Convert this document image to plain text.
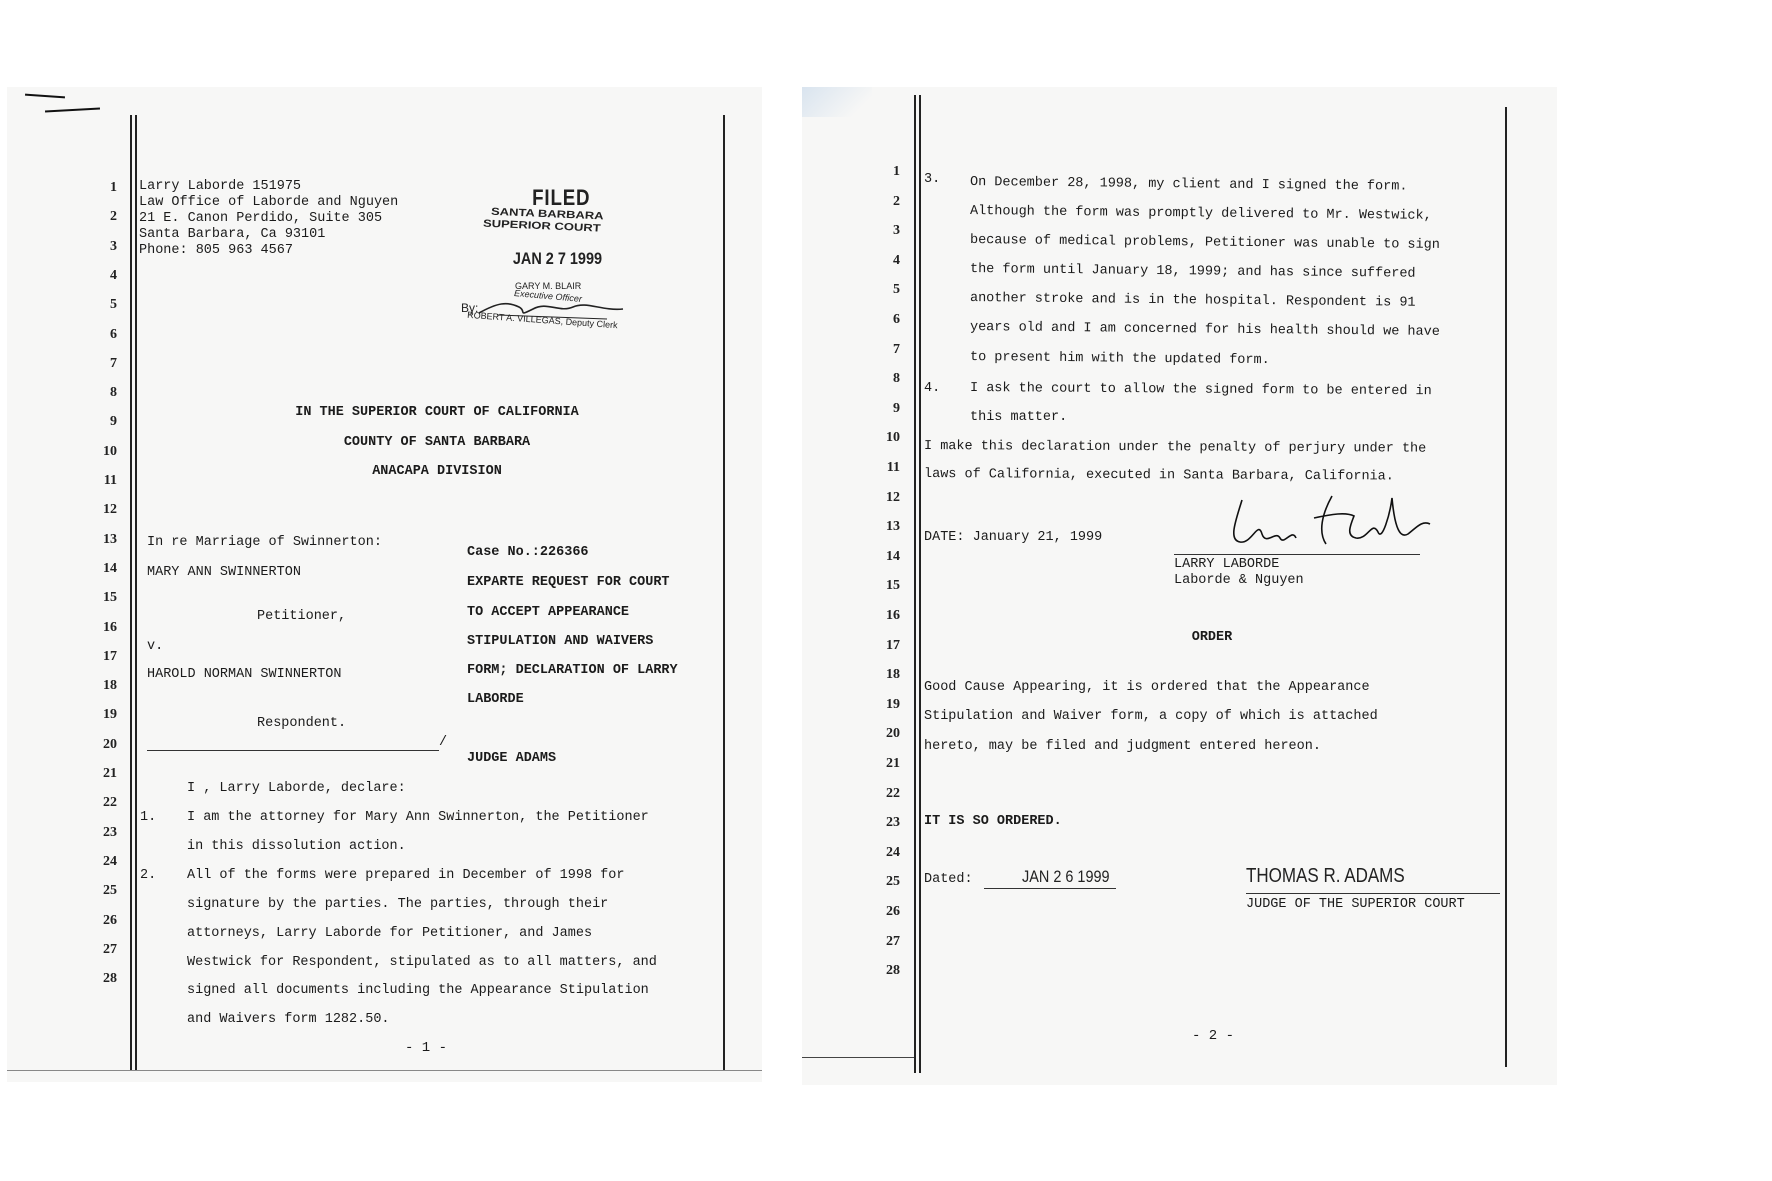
1
2
3
4
5
6
7
8
9
10
11
12
13
14
15
16
17
18
19
20
21
22
23
24
25
26
27
28
Larry Laborde 151975
Law Office of Laborde and Nguyen
21 E. Canon Perdido, Suite 305
Santa Barbara, Ca 93101
Phone: 805 963 4567
FILED
SANTA BARBARA
SUPERIOR COURT
JAN 2 7 1999
GARY M. BLAIR
Executive Officer
By:
ROBERT A. VILLEGAS, Deputy Clerk
IN THE SUPERIOR COURT OF CALIFORNIA
COUNTY OF SANTA BARBARA
ANACAPA DIVISION
In re Marriage of Swinnerton:
MARY ANN SWINNERTON
Petitioner,
v.
HAROLD NORMAN SWINNERTON
Respondent.
/
Case No.:226366
EXPARTE REQUEST FOR COURT
TO ACCEPT APPEARANCE
STIPULATION AND WAIVERS
FORM; DECLARATION OF LARRY
LABORDE
JUDGE ADAMS
I , Larry Laborde, declare:
1. I am the attorney for Mary Ann Swinnerton, the Petitioner
in this dissolution action.
2. All of the forms were prepared in December of 1998 for
signature by the parties. The parties, through their
attorneys, Larry Laborde for Petitioner, and James
Westwick for Respondent, stipulated as to all matters, and
signed all documents including the Appearance Stipulation
and Waivers form 1282.50.
- 1 -
1
2
3
4
5
6
7
8
9
10
11
12
13
14
15
16
17
18
19
20
21
22
23
24
25
26
27
28
3. On December 28, 1998, my client and I signed the form.
Although the form was promptly delivered to Mr. Westwick,
because of medical problems, Petitioner was unable to sign
the form until January 18, 1999; and has since suffered
another stroke and is in the hospital. Respondent is 91
years old and I am concerned for his health should we have
to present him with the updated form.
4. I ask the court to allow the signed form to be entered in
this matter.
I make this declaration under the penalty of perjury under the
laws of California, executed in Santa Barbara, California.
DATE: January 21, 1999
LARRY LABORDE
Laborde & Nguyen
ORDER
Good Cause Appearing, it is ordered that the Appearance
Stipulation and Waiver form, a copy of which is attached
hereto, may be filed and judgment entered hereon.
IT IS SO ORDERED.
Dated:	JAN 2 6 1999	THOMAS R. ADAMS
JUDGE OF THE SUPERIOR COURT
- 2 -
